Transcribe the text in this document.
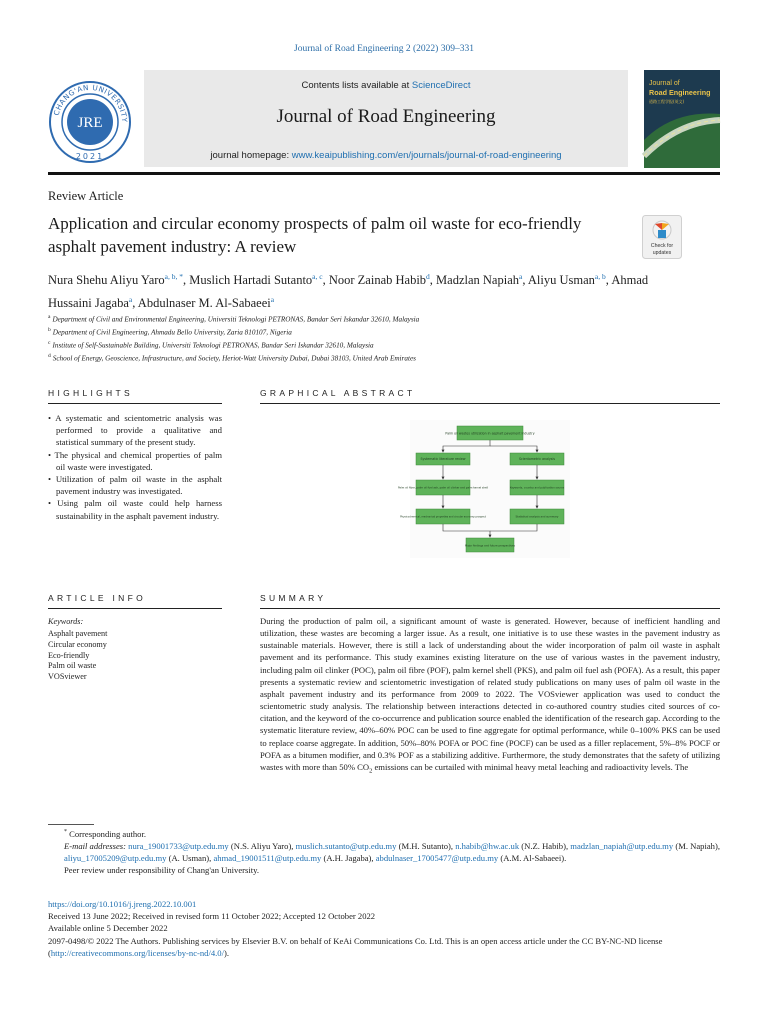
Journal of Road Engineering 2 (2022) 309–331
CHANG'AN UNIVERSITY
JRE
2021
Contents lists available at ScienceDirect
Journal of Road Engineering
journal homepage: www.keaipublishing.com/en/journals/journal-of-road-engineering
Journal of
Road Engineering
道路工程学报(英文)
Review Article
Application and circular economy prospects of palm oil waste for eco-friendly asphalt pavement industry: A review	Check for
updates
Nura Shehu Aliyu Yaro$^{a, b, *}$, Muslich Hartadi Sutanto$^{a, c}$, Noor Zainab Habib$^d$, Madzlan Napiah$^a$, Aliyu Usman$^{a, b}$, Ahmad Hussaini Jagaba$^a$, Abdulnaser M. Al-Sabaeei$^a$
$^a$ Department of Civil and Environmental Engineering, Universiti Teknologi PETRONAS, Bandar Seri Iskandar 32610, Malaysia
$^b$ Department of Civil Engineering, Ahmadu Bello University, Zaria 810107, Nigeria
$^c$ Institute of Self-Sustainable Building, Universiti Teknologi PETRONAS, Bandar Seri Iskandar 32610, Malaysia
$^d$ School of Energy, Geoscience, Infrastructure, and Society, Heriot-Watt University Dubai, Dubai 38103, United Arab Emirates
HIGHLIGHTS	GRAPHICAL ABSTRACT
• A systematic and scientometric analysis was performed to provide a qualitative and statistical summary of the present study.
• The physical and chemical properties of palm oil waste were investigated.
• Utilization of palm oil waste in the asphalt pavement industry was investigated.
• Using palm oil waste could help harness sustainability in the asphalt pavement industry.
Palm oil wastes utilization in asphalt pavement industry
Systematic literature review	Scientometric analysis
Palm oil fiber, palm oil fuel ash, palm oil clinker and palm kernel shell	Keywords, country and publication source
Physicochemical, mechanical properties and circular economy prospect	Statistical analysis and summary
Major findings and future perspectives
ARTICLE INFO	SUMMARY
Keywords:
Asphalt pavement
Circular economy
Eco-friendly
Palm oil waste
VOSviewer
During the production of palm oil, a significant amount of waste is generated. However, because of inefficient handling and utilization, these wastes are becoming a larger issue. As a result, one initiative is to use these wastes in the pavement industry as sustainable materials. However, there is still a lack of understanding about the wider incorporation of palm oil waste in asphalt pavement and its performance. This study examines existing literature on the use of various wastes in the pavement industry, including palm oil clinker (POC), palm oil fibre (POF), palm kernel shell (PKS), and palm oil fuel ash (POFA). As a result, this paper presents a systematic review and scientometric investigation of related study publications on many uses of palm oil waste in the asphalt pavement industry and its performance from 2009 to 2022. The VOSviewer application was used to conduct the scientometric study analysis. The relationship between interactions detected in co-authored country studies cited sources of co-citation, and the keyword of the co-occurrence and publication source enabled the identification of the research gap. According to the systematic literature review, 40%–60% POC can be used to fine aggregate for optimal performance, while 0–100% PKS can be used to replace coarse aggregate. In addition, 50%–80% POFA or POC fine (POCF) can be used as a filler replacement, 5%–8% POCF or POFA as a bitumen modifier, and 0.3% POF as a stabilizing additive. Furthermore, the study demonstrates that the safety of utilizing wastes with more than 50% $CO_2$ emissions can be curtailed with minimal heavy metal leaching and radioactivity levels. The
* Corresponding author.
E-mail addresses: nura_19001733@utp.edu.my (N.S. Aliyu Yaro), muslich.sutanto@utp.edu.my (M.H. Sutanto), n.habib@hw.ac.uk (N.Z. Habib), madzlan_napiah@utp.edu.my (M. Napiah), aliyu_17005209@utp.edu.my (A. Usman), ahmad_19001511@utp.edu.my (A.H. Jagaba), abdulnaser_17005477@utp.edu.my (A.M. Al-Sabaeei).
Peer review under responsibility of Chang'an University.
https://doi.org/10.1016/j.jreng.2022.10.001
Received 13 June 2022; Received in revised form 11 October 2022; Accepted 12 October 2022
Available online 5 December 2022
2097-0498/© 2022 The Authors. Publishing services by Elsevier B.V. on behalf of KeAi Communications Co. Ltd. This is an open access article under the CC BY-NC-ND license (http://creativecommons.org/licenses/by-nc-nd/4.0/).
